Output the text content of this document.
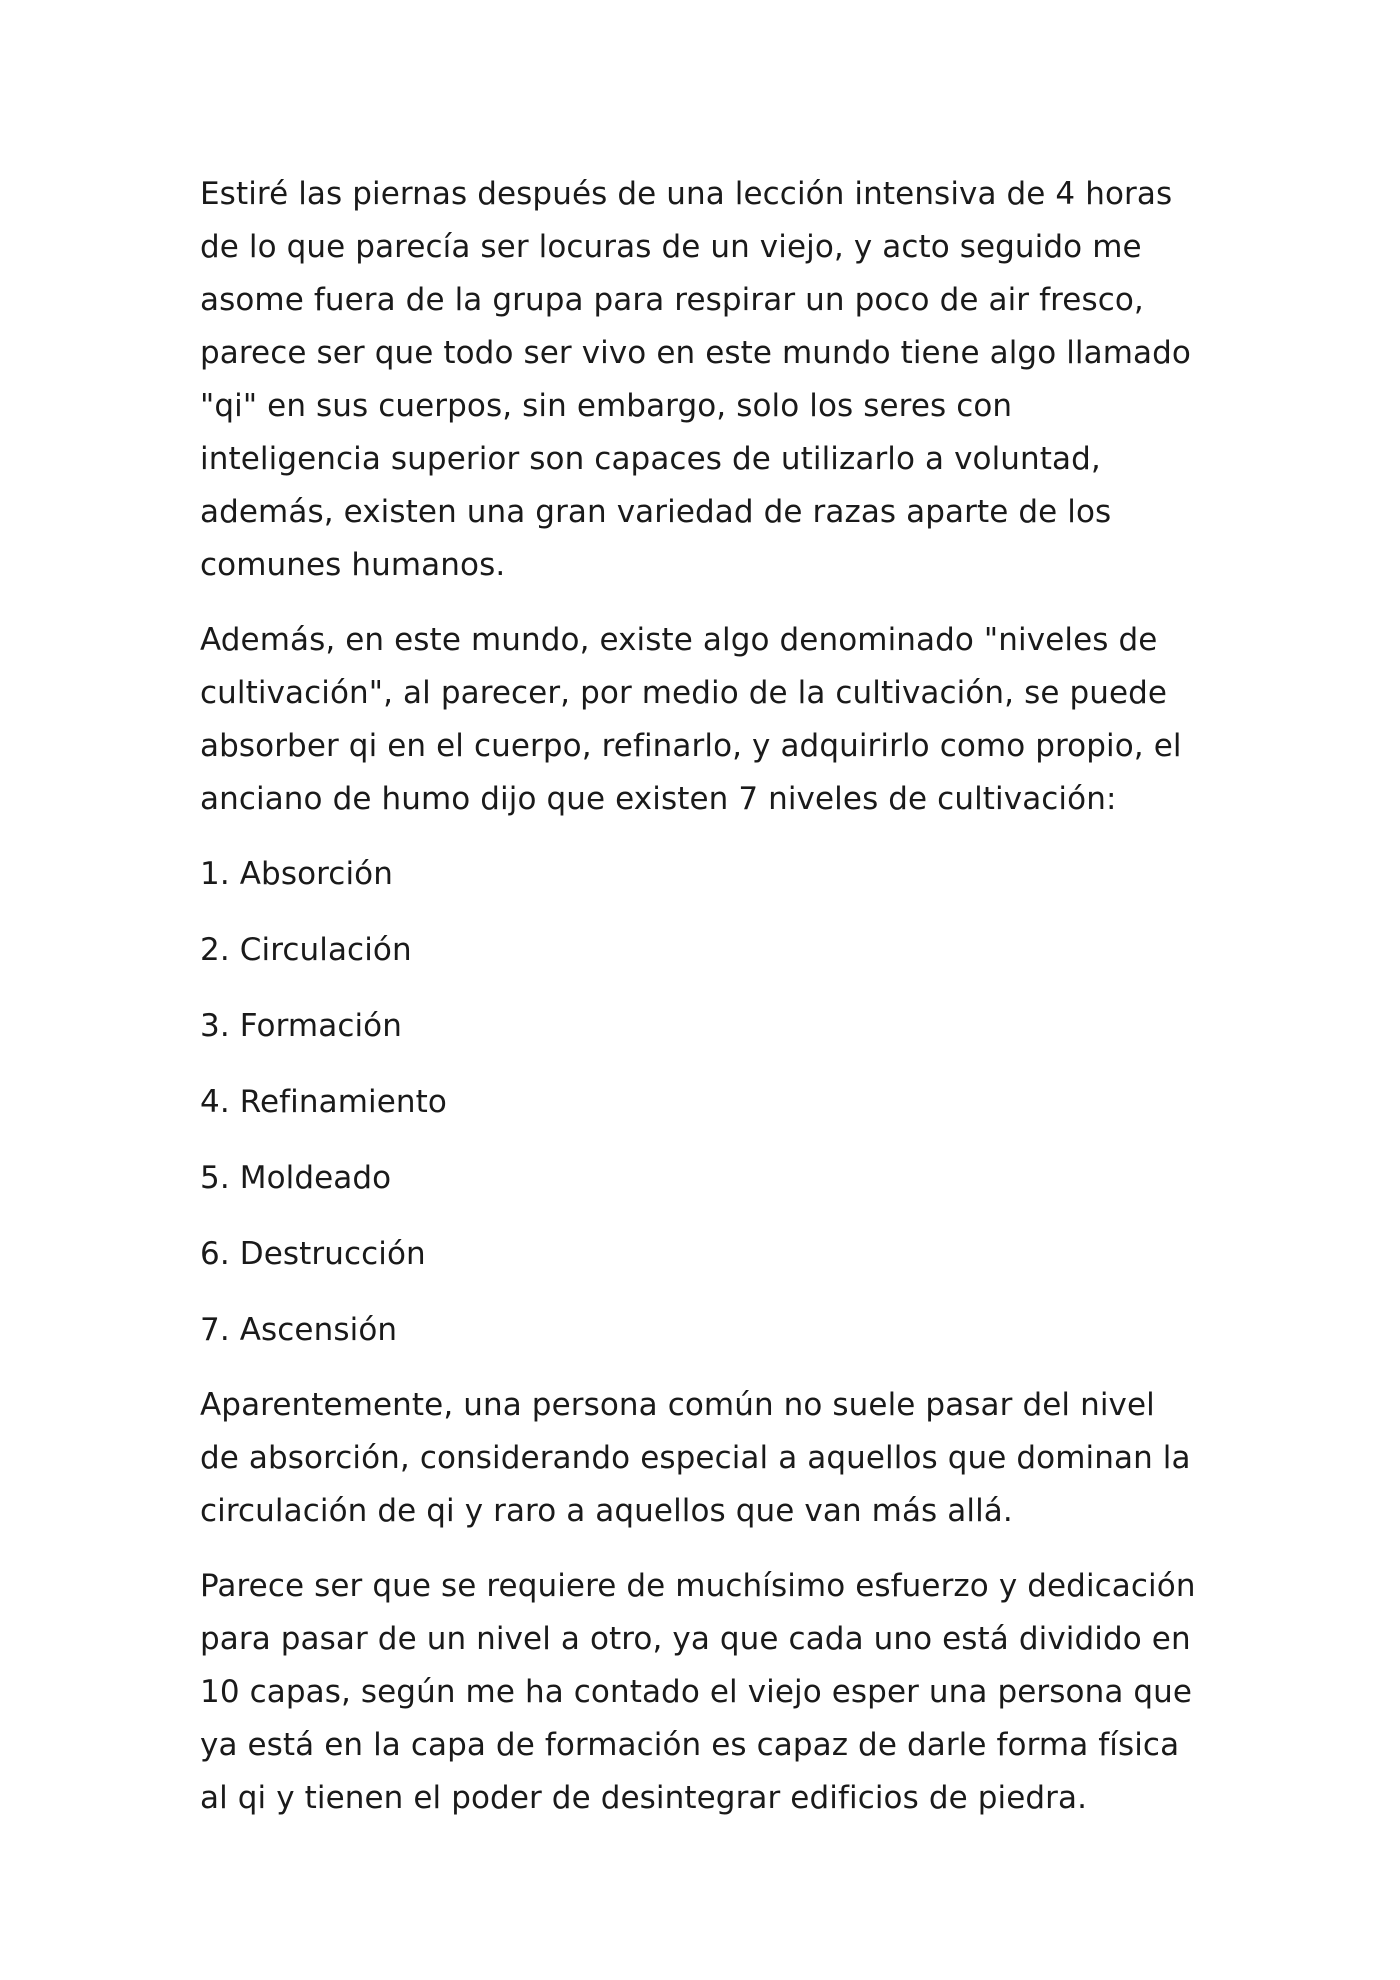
Estiré las piernas después de una lección intensiva de 4 horas de lo que parecía ser locuras de un viejo, y acto seguido me asome fuera de la grupa para respirar un poco de air fresco, parece ser que todo ser vivo en este mundo tiene algo llamado "qi" en sus cuerpos, sin embargo, solo los seres con inteligencia superior son capaces de utilizarlo a voluntad, además, existen una gran variedad de razas aparte de los comunes humanos.

Además, en este mundo, existe algo denominado "niveles de cultivación", al parecer, por medio de la cultivación, se puede absorber qi en el cuerpo, refinarlo, y adquirirlo como propio, el anciano de humo dijo que existen 7 niveles de cultivación:

1. Absorción
2. Circulación
3. Formación
4. Refinamiento
5. Moldeado
6. Destrucción
7. Ascensión

Aparentemente, una persona común no suele pasar del nivel de absorción, considerando especial a aquellos que dominan la circulación de qi y raro a aquellos que van más allá.

Parece ser que se requiere de muchísimo esfuerzo y dedicación para pasar de un nivel a otro, ya que cada uno está dividido en 10 capas, según me ha contado el viejo esper una persona que ya está en la capa de formación es capaz de darle forma física al qi y tienen el poder de desintegrar edificios de piedra.
